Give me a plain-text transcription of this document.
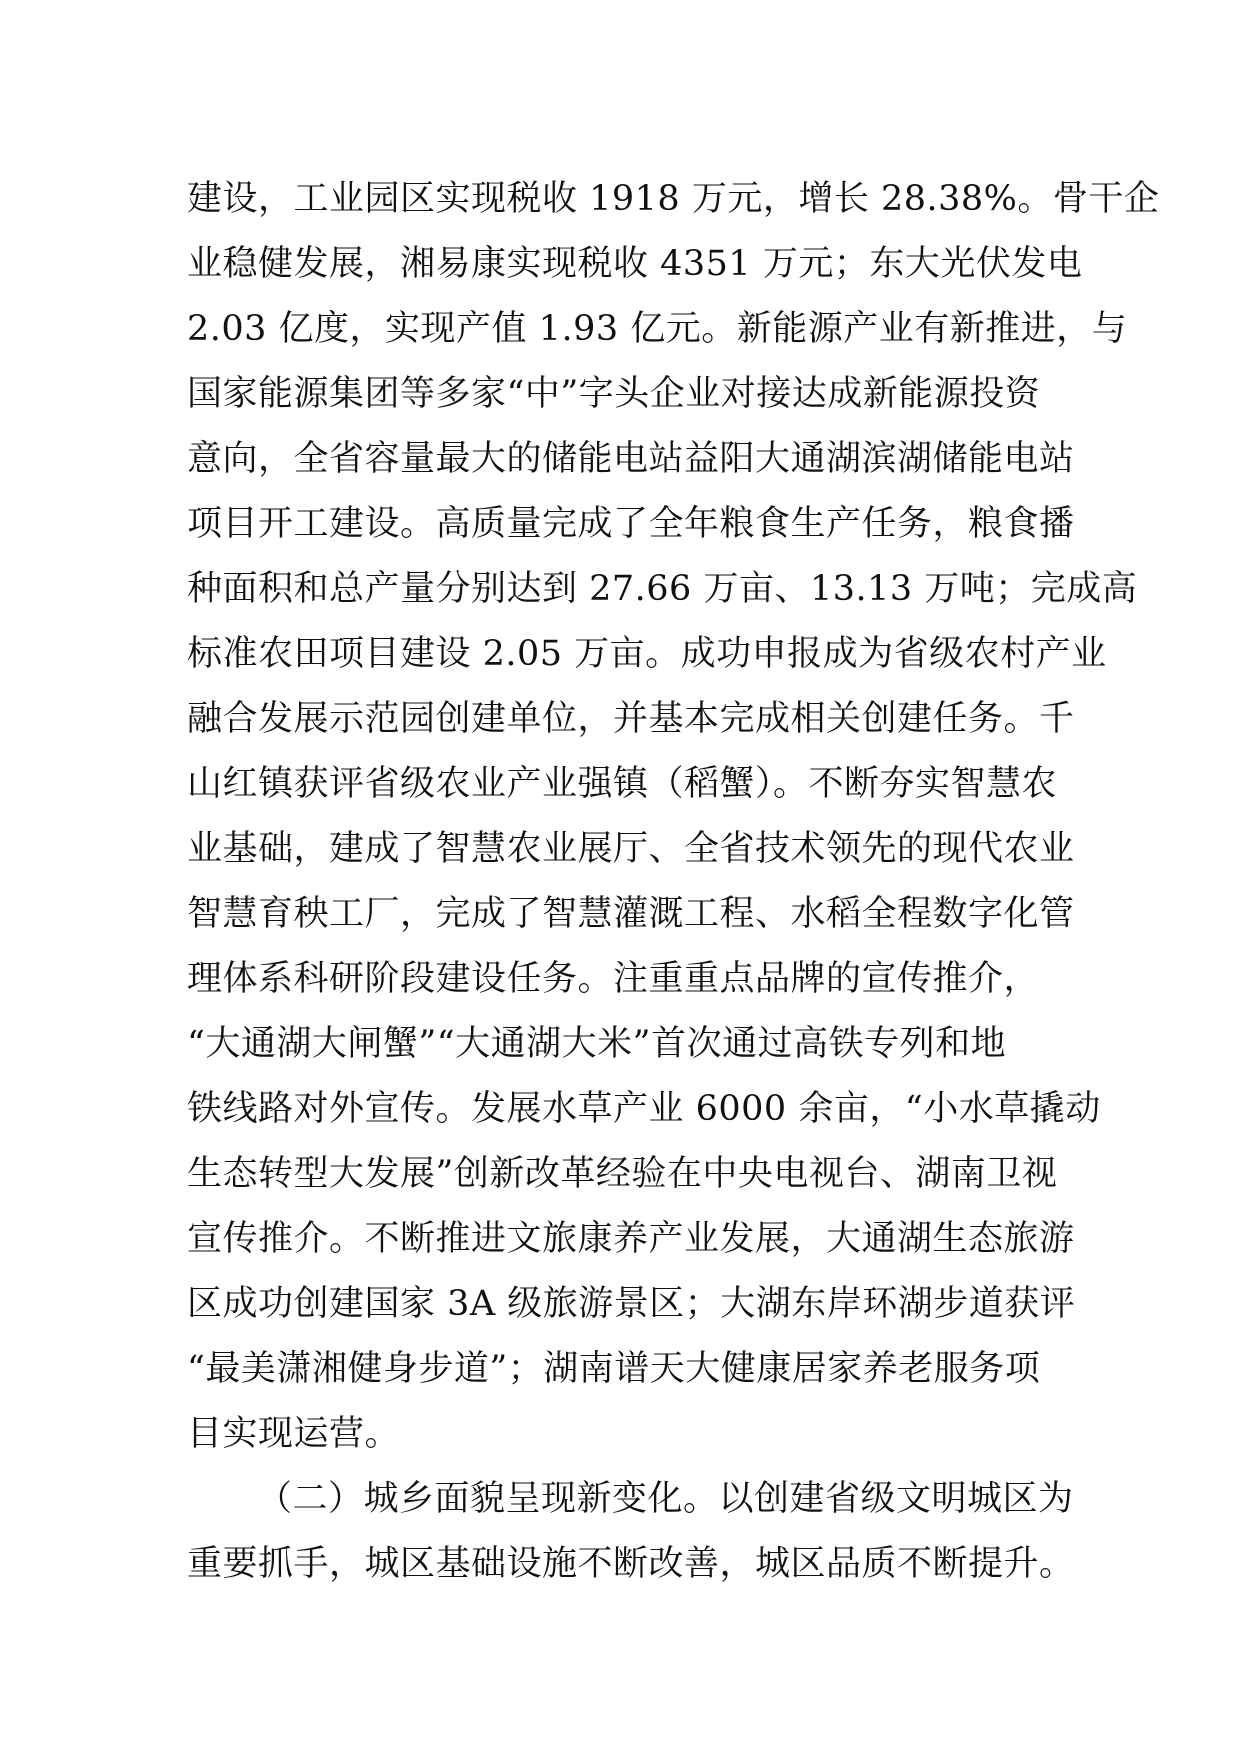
建设，工业园区实现税收 1918 万元，增长 28.38%。骨干企
业稳健发展，湘易康实现税收 4351 万元；东大光伏发电
2.03 亿度，实现产值 1.93 亿元。新能源产业有新推进，与
国家能源集团等多家“中”字头企业对接达成新能源投资
意向，全省容量最大的储能电站益阳大通湖滨湖储能电站
项目开工建设。高质量完成了全年粮食生产任务，粮食播
种面积和总产量分别达到 27.66 万亩、13.13 万吨；完成高
标准农田项目建设 2.05 万亩。成功申报成为省级农村产业
融合发展示范园创建单位，并基本完成相关创建任务。千
山红镇获评省级农业产业强镇（稻蟹）。不断夯实智慧农
业基础，建成了智慧农业展厅、全省技术领先的现代农业
智慧育秧工厂，完成了智慧灌溉工程、水稻全程数字化管
理体系科研阶段建设任务。注重重点品牌的宣传推介，
“大通湖大闸蟹”“大通湖大米”首次通过高铁专列和地
铁线路对外宣传。发展水草产业 6000 余亩，“小水草撬动
生态转型大发展”创新改革经验在中央电视台、湖南卫视
宣传推介。不断推进文旅康养产业发展，大通湖生态旅游
区成功创建国家 3A 级旅游景区；大湖东岸环湖步道获评
“最美潇湘健身步道”；湖南谱天大健康居家养老服务项
目实现运营。
（二）城乡面貌呈现新变化。以创建省级文明城区为
重要抓手，城区基础设施不断改善，城区品质不断提升。
